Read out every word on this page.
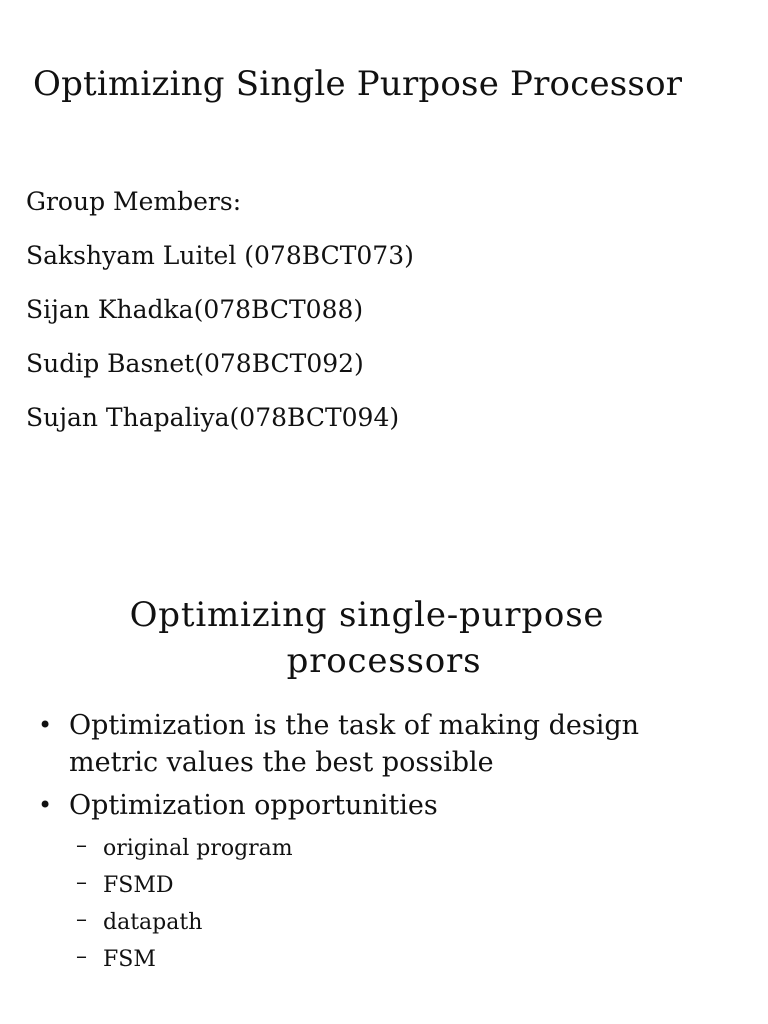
Optimizing Single Purpose Processor

Group Members:

Sakshyam Luitel (078BCT073)

Sijan Khadka(078BCT088)

Sudip Basnet(078BCT092)

Sujan Thapaliya(078BCT094)

Optimizing single-purpose
processors
• Optimization is the task of making design metric values the best possible
• Optimization opportunities
– original program
– FSMD
– datapath
– FSM
